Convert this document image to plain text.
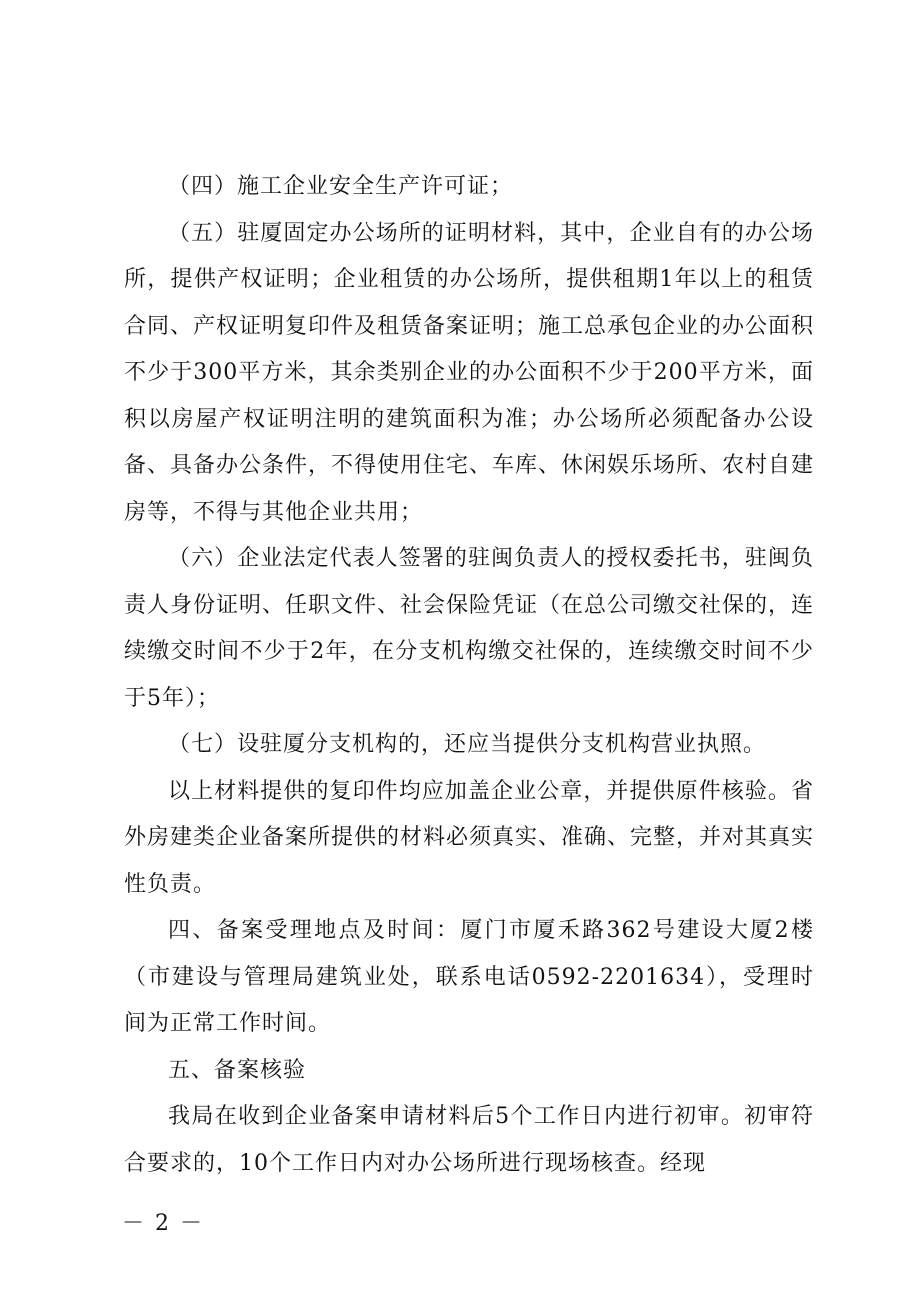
（四）施工企业安全生产许可证；

（五）驻厦固定办公场所的证明材料，其中，企业自有的办公场所，提供产权证明；企业租赁的办公场所，提供租期1年以上的租赁合同、产权证明复印件及租赁备案证明；施工总承包企业的办公面积不少于300平方米，其余类别企业的办公面积不少于200平方米，面积以房屋产权证明注明的建筑面积为准；办公场所必须配备办公设备、具备办公条件，不得使用住宅、车库、休闲娱乐场所、农村自建房等，不得与其他企业共用；

（六）企业法定代表人签署的驻闽负责人的授权委托书，驻闽负责人身份证明、任职文件、社会保险凭证（在总公司缴交社保的，连续缴交时间不少于2年，在分支机构缴交社保的，连续缴交时间不少于5年）；

（七）设驻厦分支机构的，还应当提供分支机构营业执照。

以上材料提供的复印件均应加盖企业公章，并提供原件核验。省外房建类企业备案所提供的材料必须真实、准确、完整，并对其真实性负责。

四、备案受理地点及时间：厦门市厦禾路362号建设大厦2楼（市建设与管理局建筑业处，联系电话0592-2201634），受理时间为正常工作时间。

五、备案核验

我局在收到企业备案申请材料后5个工作日内进行初审。初审符合要求的，10个工作日内对办公场所进行现场核查。经现

－ 2 －
